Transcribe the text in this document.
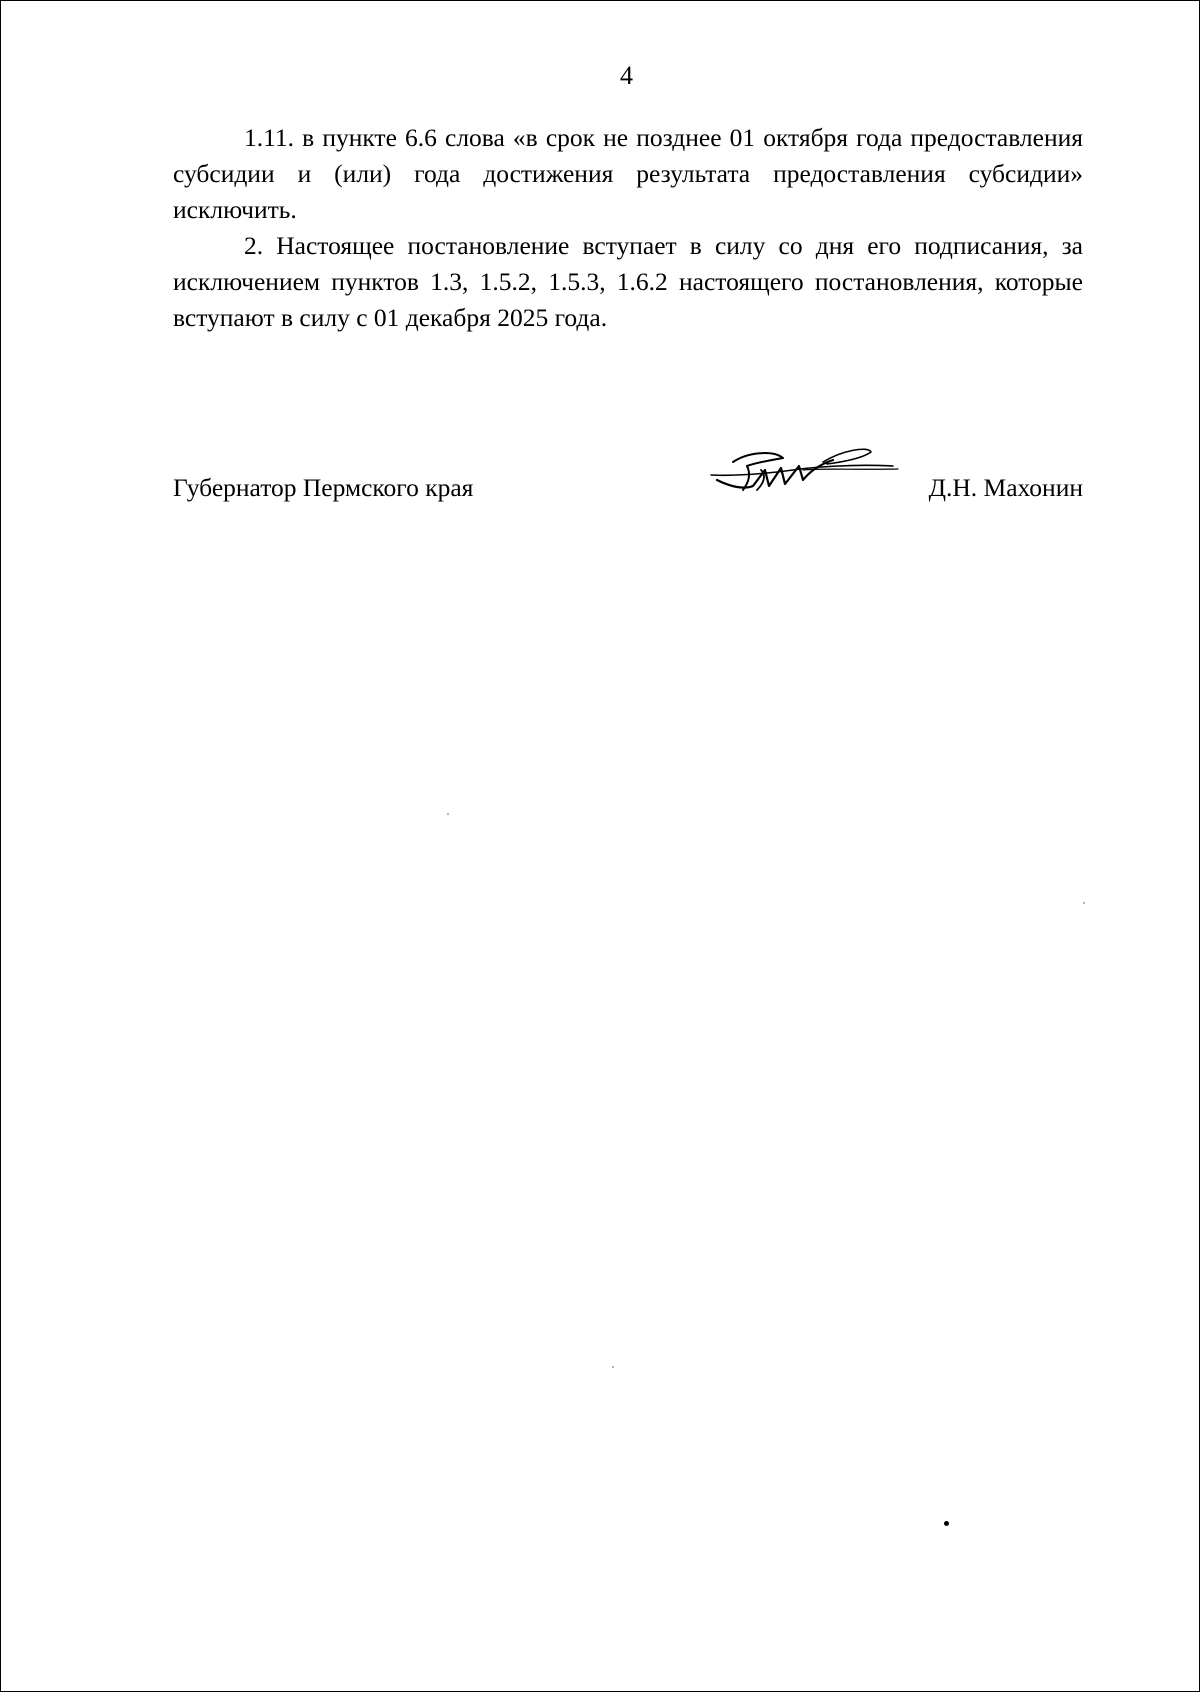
4

1.11. в пункте 6.6 слова «в срок не позднее 01 октября года предоставления субсидии и (или) года достижения результата предоставления субсидии» исключить.

2. Настоящее постановление вступает в силу со дня его подписания, за исключением пунктов 1.3, 1.5.2, 1.5.3, 1.6.2 настоящего постановления, которые вступают в силу с 01 декабря 2025 года.

Губернатор Пермского края	Д.Н. Махонин
